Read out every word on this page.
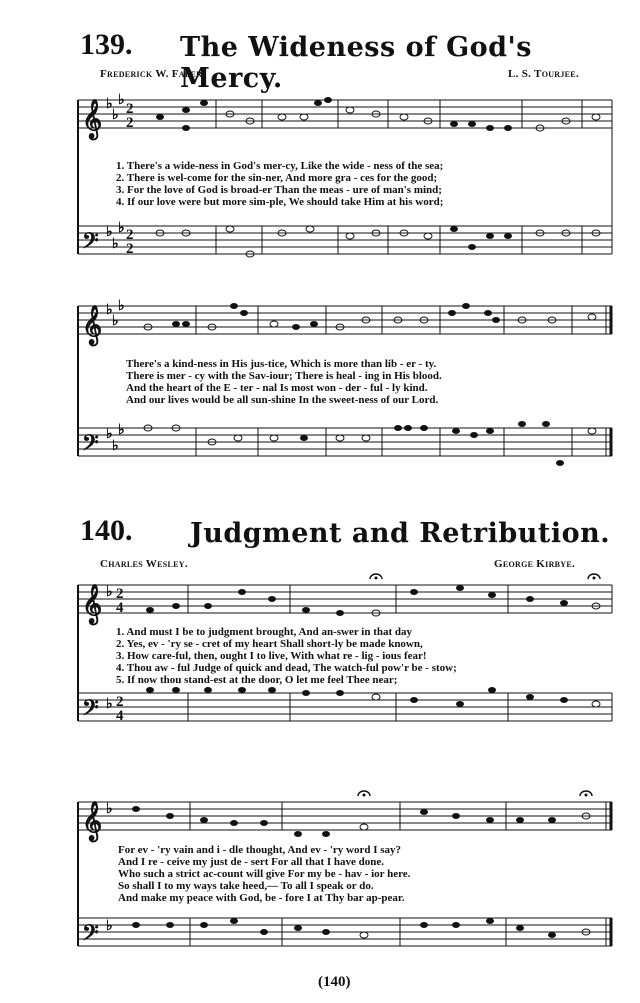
139. The Wideness of God's Mercy.
Frederick W. Faber.	L. S. Tourjee.
𝄞
𝄢
𝄞
𝄢
𝄞
𝄢
𝄞
𝄢
♭
♭
♭
♭
♭
♭
♭
♭
♭
♭
♭
♭
♭
♭
♭
♭
2
2
2
2
2
4
2
4
1. There's a wide-ness in God's mer-cy, Like the wide - ness of the sea;
2. There is wel-come for the sin-ner, And more gra - ces for the good;
3. For the love of God is broad-er Than the meas - ure of man's mind;
4. If our love were but more sim-ple, We should take Him at his word;
There's a kind-ness in His jus-tice, Which is more than lib - er - ty.
There is mer - cy with the Sav-iour; There is heal - ing in His blood.
And the heart of the E - ter - nal Is most won - der - ful - ly kind.
And our lives would be all sun-shine In the sweet-ness of our Lord.
140. Judgment and Retribution.
Charles Wesley.	George Kirbye.
1. And must I be to judgment brought, And an-swer in that day
2. Yes, ev - 'ry se - cret of my heart Shall short-ly be made known,
3. How care-ful, then, ought I to live, With what re - lig - ious fear!
4. Thou aw - ful Judge of quick and dead, The watch-ful pow'r be - stow;
5. If now thou stand-est at the door, O let me feel Thee near;
For ev - 'ry vain and i - dle thought, And ev - 'ry word I say?
And I re - ceive my just de - sert For all that I have done.
Who such a strict ac-count will give For my be - hav - ior here.
So shall I to my ways take heed,— To all I speak or do.
And make my peace with God, be - fore I at Thy bar ap-pear.
(140)
